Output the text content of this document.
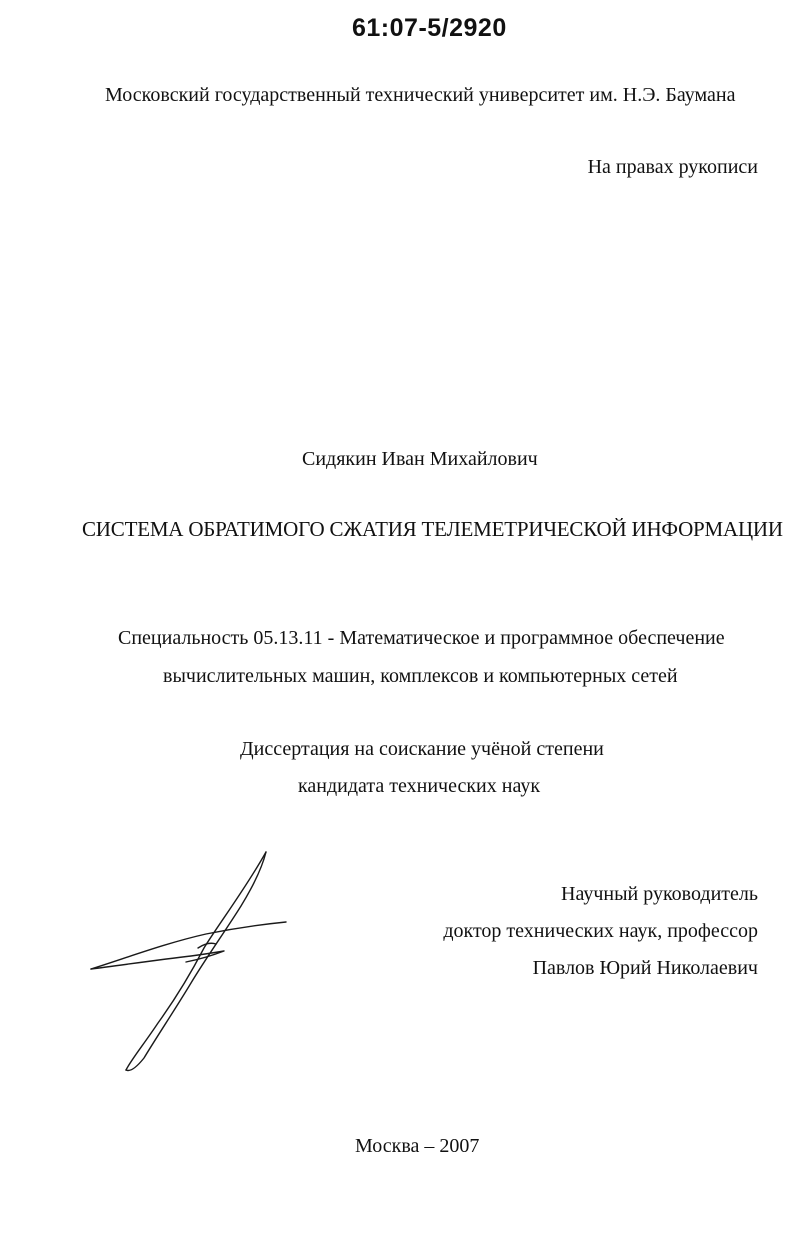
61:07-5/2920
Московский государственный технический университет им. Н.Э. Баумана
На правах рукописи
Сидякин Иван Михайлович
СИСТЕМА ОБРАТИМОГО СЖАТИЯ ТЕЛЕМЕТРИЧЕСКОЙ ИНФОРМАЦИИ
Специальность 05.13.11 - Математическое и программное обеспечение
вычислительных машин, комплексов и компьютерных сетей
Диссертация на соискание учёной степени
кандидата технических наук
Научный руководитель
доктор технических наук, профессор
Павлов Юрий Николаевич
Москва – 2007
